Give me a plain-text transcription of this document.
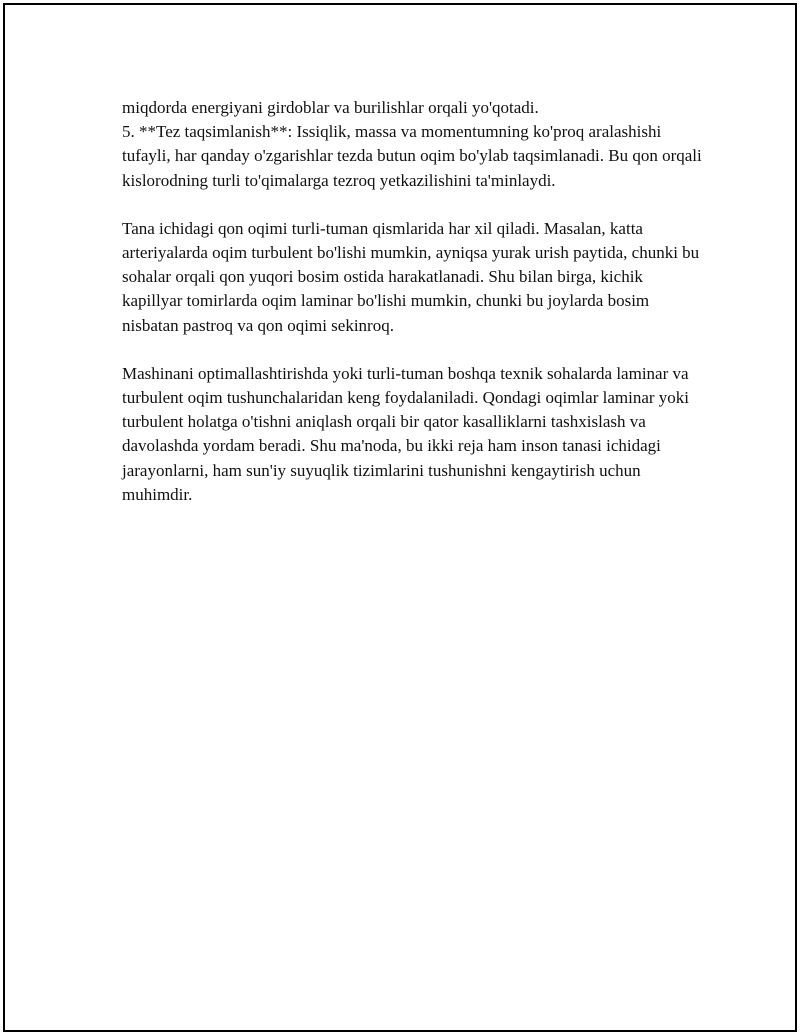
miqdorda energiyani girdoblar va burilishlar orqali yo'qotadi.

5. **Tez taqsimlanish**: Issiqlik, massa va momentumning ko'proq aralashishi tufayli, har qanday o'zgarishlar tezda butun oqim bo'ylab taqsimlanadi. Bu qon orqali kislorodning turli to'qimalarga tezroq yetkazilishini ta'minlaydi.

Tana ichidagi qon oqimi turli-tuman qismlarida har xil qiladi. Masalan, katta arteriyalarda oqim turbulent bo'lishi mumkin, ayniqsa yurak urish paytida, chunki bu sohalar orqali qon yuqori bosim ostida harakatlanadi. Shu bilan birga, kichik kapillyar tomirlarda oqim laminar bo'lishi mumkin, chunki bu joylarda bosim nisbatan pastroq va qon oqimi sekinroq.

Mashinani optimallashtirishda yoki turli-tuman boshqa texnik sohalarda laminar va turbulent oqim tushunchalaridan keng foydalaniladi. Qondagi oqimlar laminar yoki turbulent holatga o'tishni aniqlash orqali bir qator kasalliklarni tashxislash va davolashda yordam beradi. Shu ma'noda, bu ikki reja ham inson tanasi ichidagi jarayonlarni, ham sun'iy suyuqlik tizimlarini tushunishni kengaytirish uchun muhimdir.
